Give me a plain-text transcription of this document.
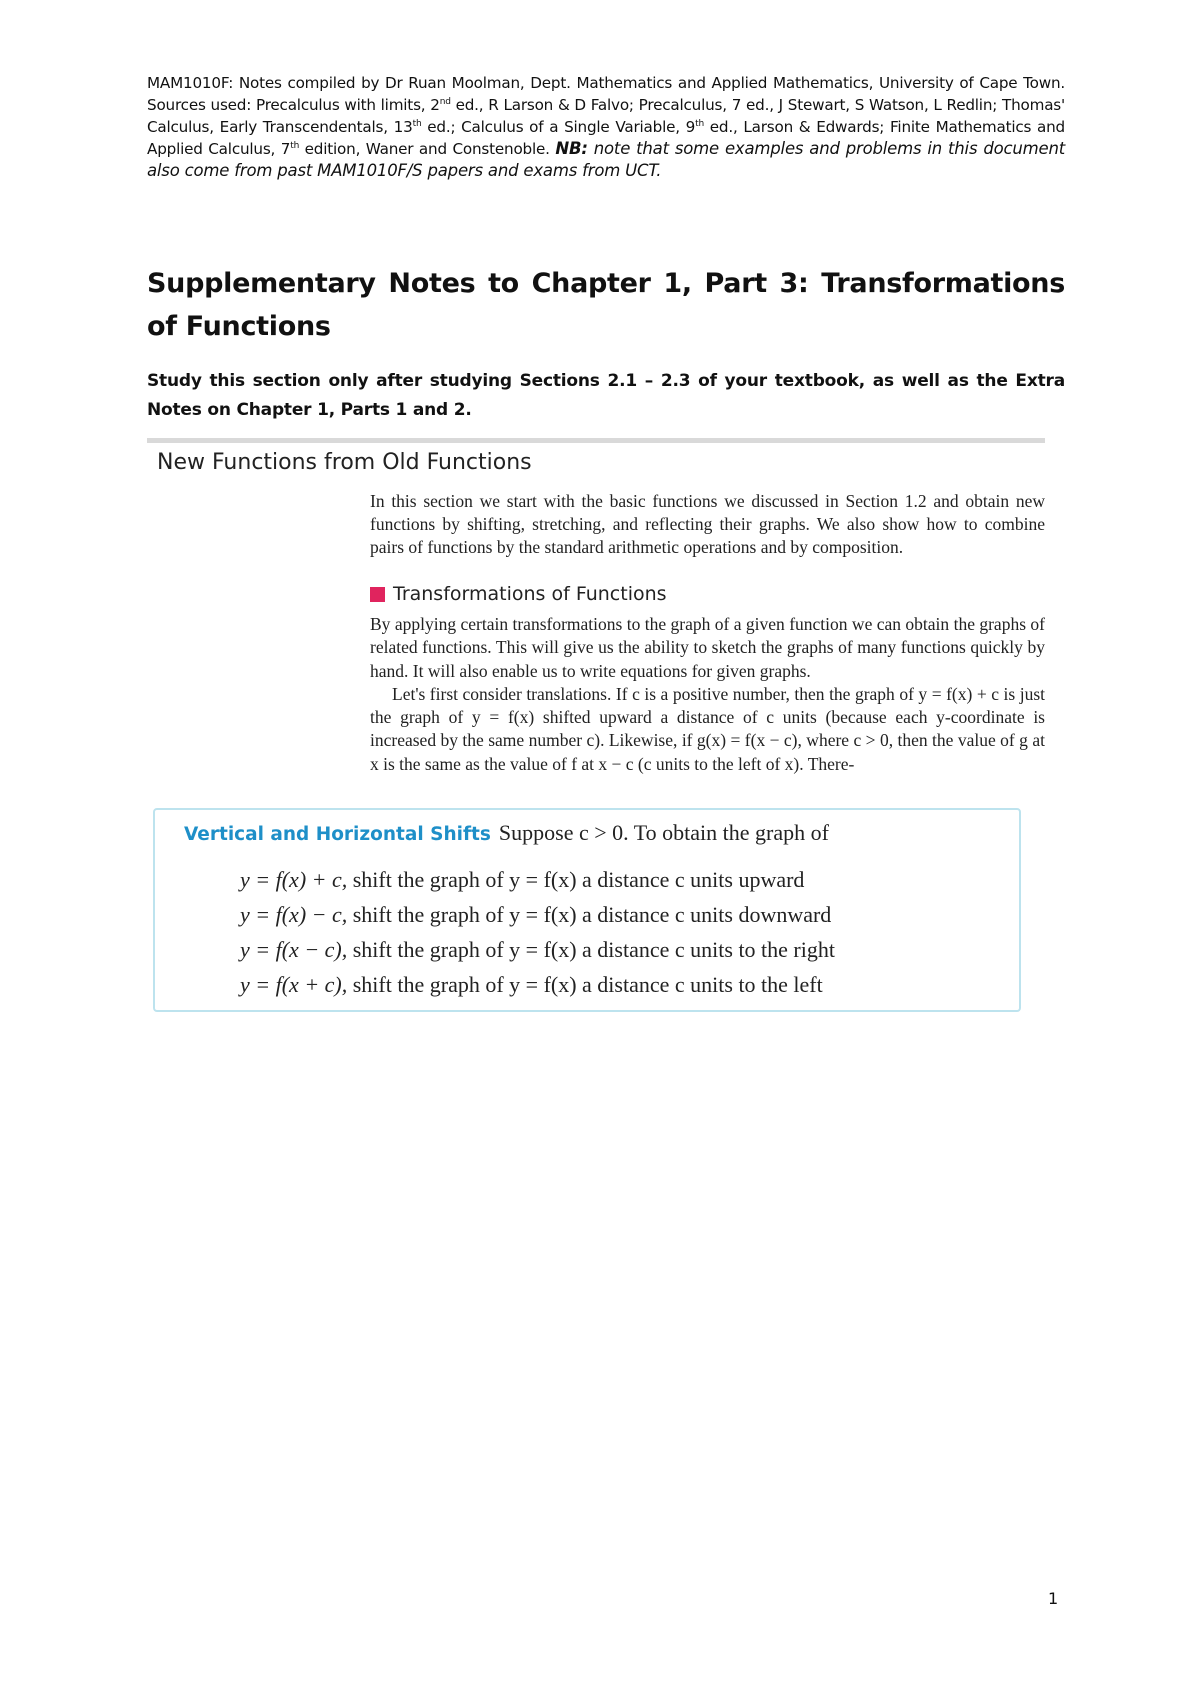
MAM1010F: Notes compiled by Dr Ruan Moolman, Dept. Mathematics and Applied Mathematics, University of Cape Town. Sources used: Precalculus with limits, 2nd ed., R Larson & D Falvo; Precalculus, 7 ed., J Stewart, S Watson, L Redlin; Thomas' Calculus, Early Transcendentals, 13th ed.; Calculus of a Single Variable, 9th ed., Larson & Edwards; Finite Mathematics and Applied Calculus, 7th edition, Waner and Constenoble. NB: note that some examples and problems in this document also come from past MAM1010F/S papers and exams from UCT.
Supplementary Notes to Chapter 1, Part 3: Transformations of Functions

Study this section only after studying Sections 2.1 – 2.3 of your textbook, as well as the Extra Notes on Chapter 1, Parts 1 and 2.

New Functions from Old Functions

In this section we start with the basic functions we discussed in Section 1.2 and obtain new functions by shifting, stretching, and reflecting their graphs. We also show how to combine pairs of functions by the standard arithmetic operations and by composition.

Transformations of Functions

By applying certain transformations to the graph of a given function we can obtain the graphs of related functions. This will give us the ability to sketch the graphs of many functions quickly by hand. It will also enable us to write equations for given graphs.
Let's first consider translations. If c is a positive number, then the graph of y = f(x) + c is just the graph of y = f(x) shifted upward a distance of c units (because each y-coordinate is increased by the same number c). Likewise, if g(x) = f(x − c), where c > 0, then the value of g at x is the same as the value of f at x − c (c units to the left of x). There-

Vertical and Horizontal Shifts Suppose c > 0. To obtain the graph of
y = f(x) + c, shift the graph of y = f(x) a distance c units upward
y = f(x) − c, shift the graph of y = f(x) a distance c units downward
y = f(x − c), shift the graph of y = f(x) a distance c units to the right
y = f(x + c), shift the graph of y = f(x) a distance c units to the left
1
